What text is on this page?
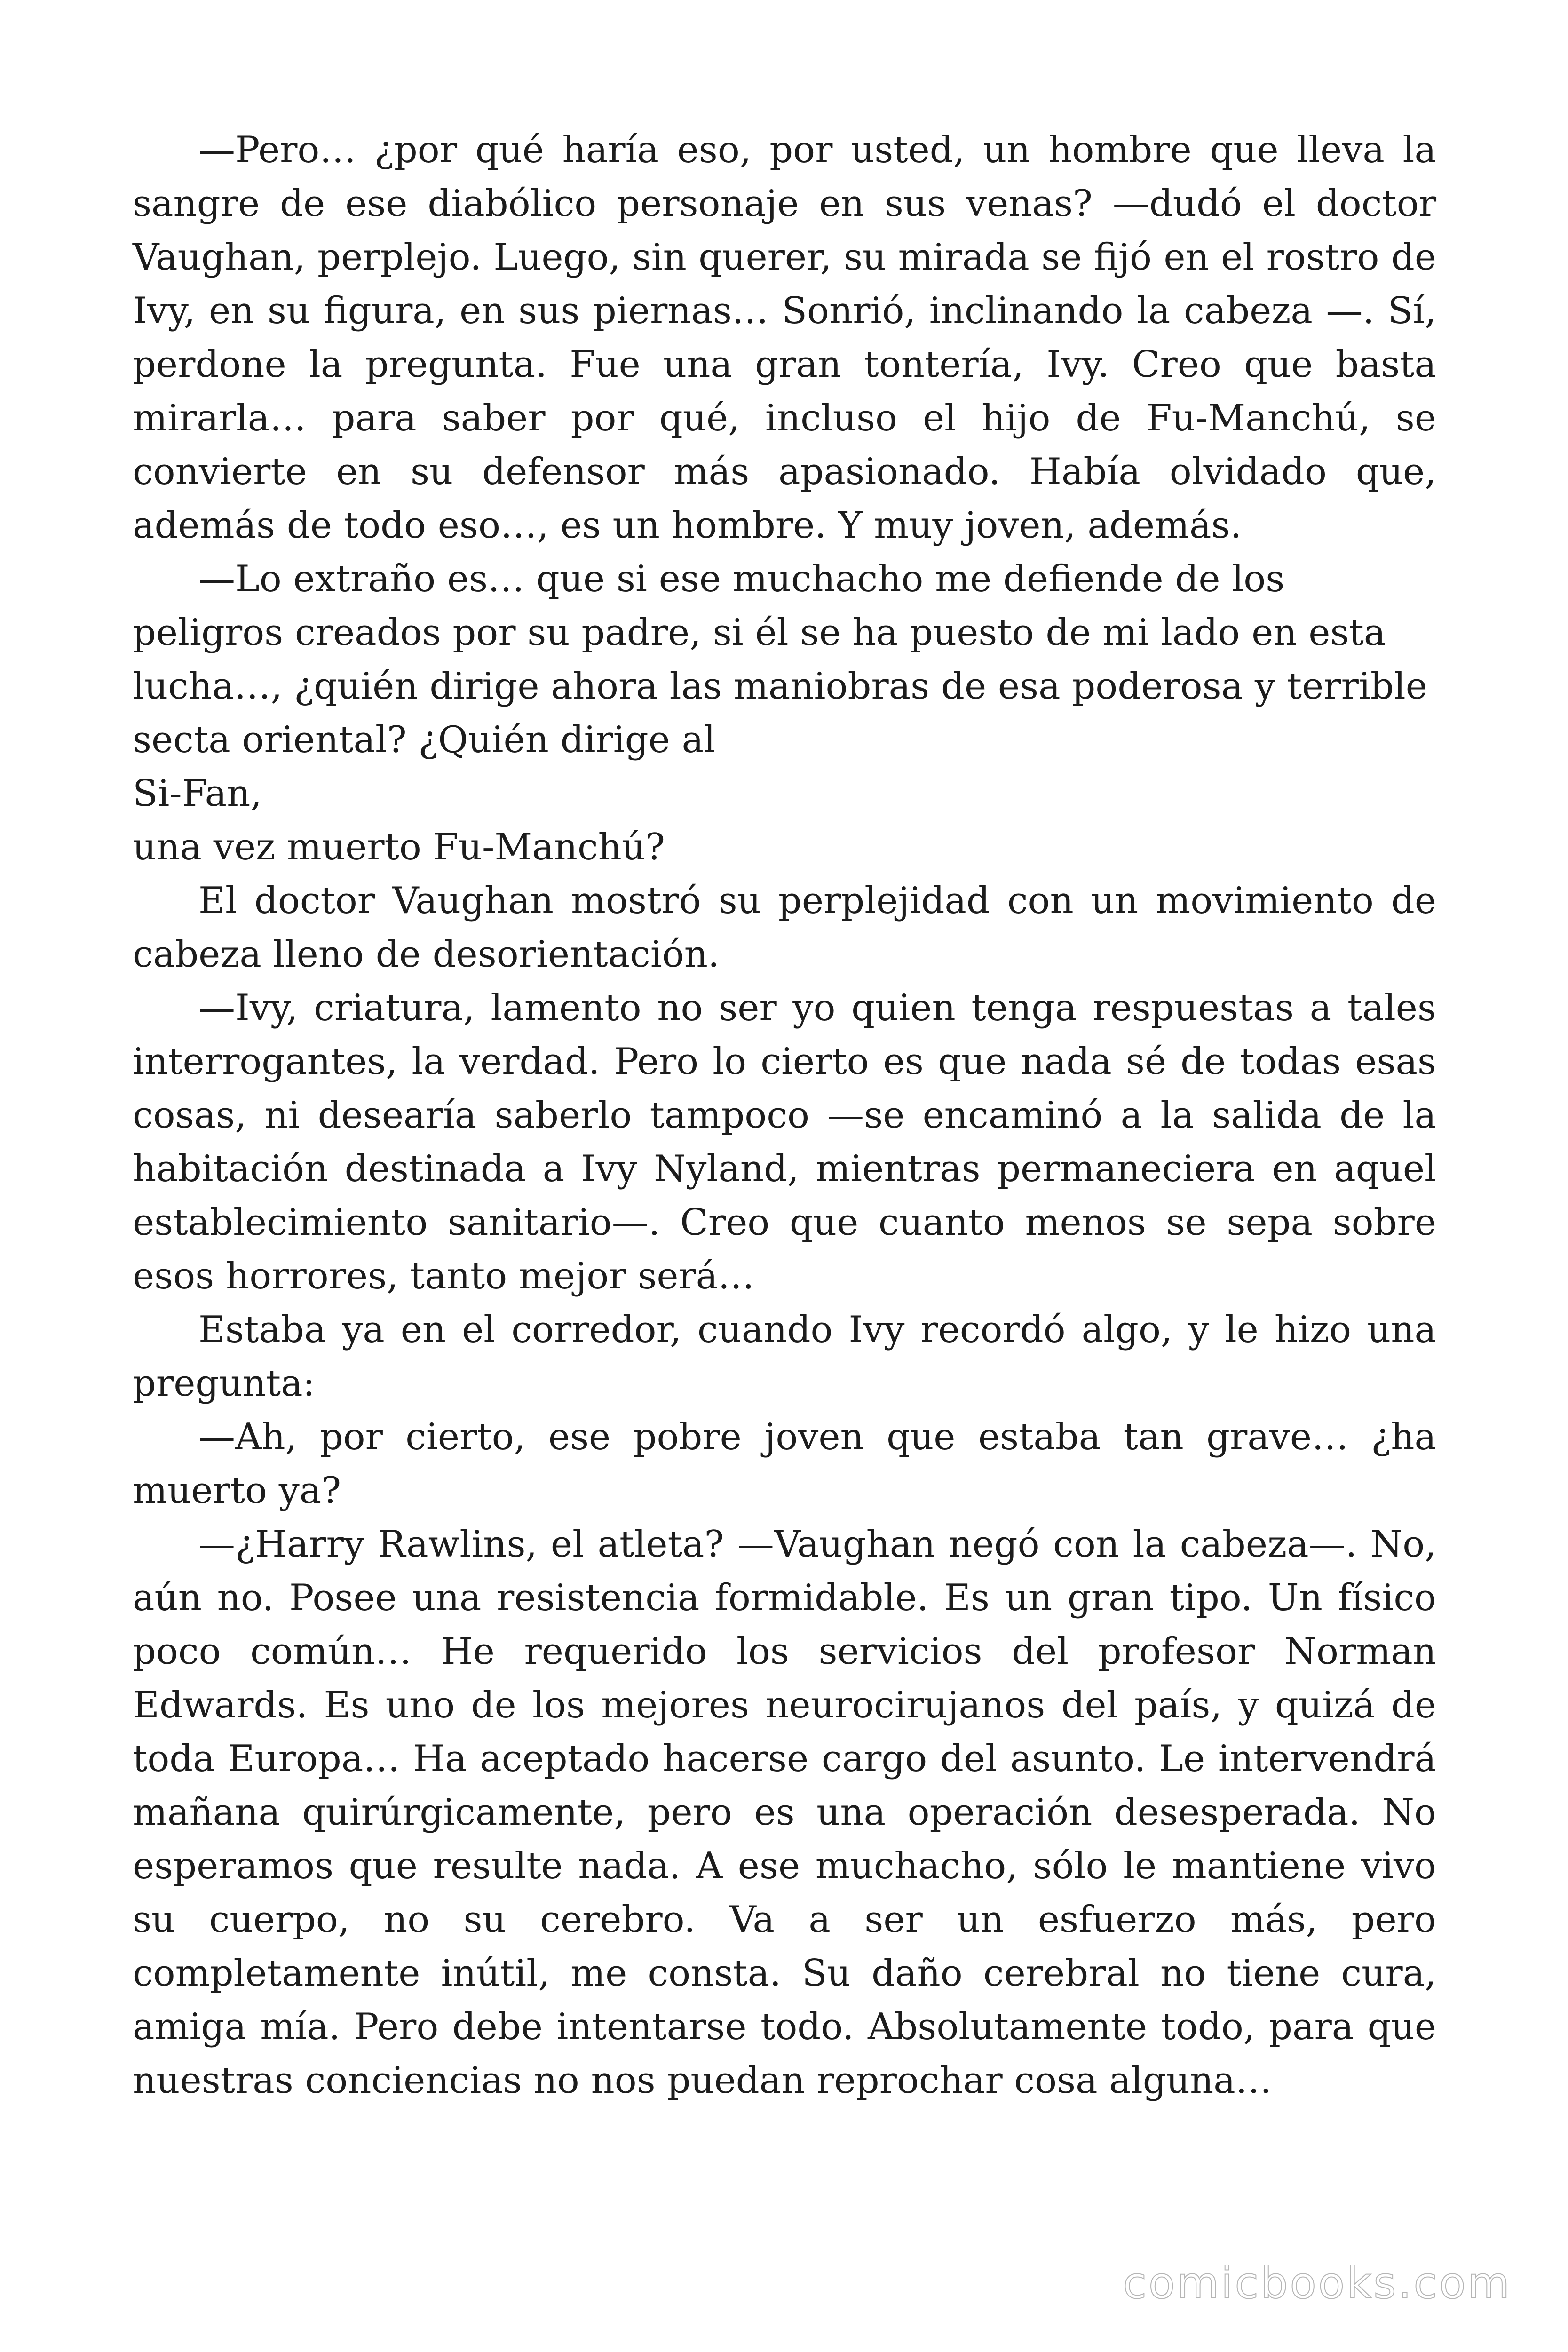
—Pero… ¿por qué haría eso, por usted, un hombre que lleva la sangre de ese diabólico personaje en sus venas? —dudó el doctor Vaughan, perplejo. Luego, sin querer, su mirada se fijó en el rostro de Ivy, en su figura, en sus piernas… Sonrió, inclinando la cabeza —. Sí, perdone la pregunta. Fue una gran tontería, Ivy. Creo que basta mirarla… para saber por qué, incluso el hijo de Fu-Manchú, se convierte en su defensor más apasionado. Había olvidado que, además de todo eso…, es un hombre. Y muy joven, además.

—Lo extraño es… que si ese muchacho me defiende de los peligros creados por su padre, si él se ha puesto de mi lado en esta lucha…, ¿quién dirige ahora las maniobras de esa poderosa y terrible secta oriental? ¿Quién dirige al

Si-Fan,

una vez muerto Fu-Manchú?

El doctor Vaughan mostró su perplejidad con un movimiento de cabeza lleno de desorientación.

—Ivy, criatura, lamento no ser yo quien tenga respuestas a tales interrogantes, la verdad. Pero lo cierto es que nada sé de todas esas cosas, ni desearía saberlo tampoco —se encaminó a la salida de la habitación destinada a Ivy Nyland, mientras permaneciera en aquel establecimiento sanitario—. Creo que cuanto menos se sepa sobre esos horrores, tanto mejor será…

Estaba ya en el corredor, cuando Ivy recordó algo, y le hizo una pregunta:

—Ah, por cierto, ese pobre joven que estaba tan grave… ¿ha muerto ya?

—¿Harry Rawlins, el atleta? —Vaughan negó con la cabeza—. No, aún no. Posee una resistencia formidable. Es un gran tipo. Un físico poco común… He requerido los servicios del profesor Norman Edwards. Es uno de los mejores neurocirujanos del país, y quizá de toda Europa… Ha aceptado hacerse cargo del asunto. Le intervendrá mañana quirúrgicamente, pero es una operación desesperada. No esperamos que resulte nada. A ese muchacho, sólo le mantiene vivo su cuerpo, no su cerebro. Va a ser un esfuerzo más, pero completamente inútil, me consta. Su daño cerebral no tiene cura, amiga mía. Pero debe intentarse todo. Absolutamente todo, para que nuestras conciencias no nos puedan reprochar cosa alguna…

comicbooks.com
